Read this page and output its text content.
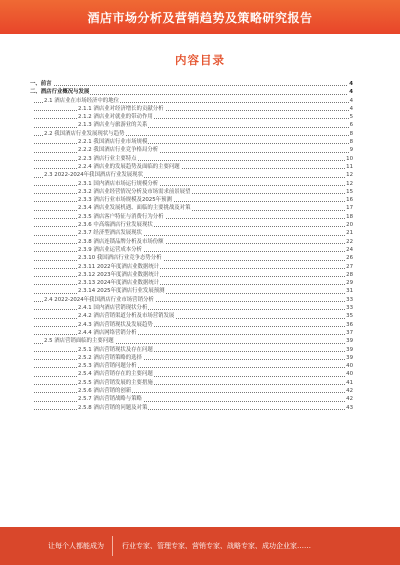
酒店市场分析及营销趋势及策略研究报告
内容目录
一、前言	4
二、酒店行业概况与发展	4
2.1 酒店业在市场经济中的地位	4
2.1.1 酒店业对经济增长的贡献分析	4
2.1.2 酒店业对就业的带动作用	5
2.1.3 酒店业与旅游业的关系	6
2.2 我国酒店行业发展现状与趋势	8
2.2.1 我国酒店行业市场规模	8
2.2.2 我国酒店行业竞争格局分析	9
2.2.3 酒店行业主要特点	10
2.2.4 酒店业的发展趋势及面临的主要问题	11
2.3 2022-2024年我国酒店行业发展现状	12
2.3.1 国内酒店市场运行规模分析	12
2.3.2 酒店业经营情况分析及市场需求前景展望	15
2.3.3 酒店行业市场规模及2025年预测	16
2.3.4 酒店业发展机遇、面临的主要挑战及对策	17
2.3.5 酒店客户特征与消费行为分析	18
2.3.6 中高端酒店行业发展现状	20
2.3.7 经济型酒店发展现状	21
2.3.8 酒店连锁品牌分析及市场份额	22
2.3.9 酒店业运营成本分析	24
2.3.10 我国酒店行业竞争态势分析	26
2.3.11 2022年度酒店业数据统计	27
2.3.12 2023年度酒店业数据统计	28
2.3.13 2024年度酒店业数据统计	29
2.3.14 2025年度酒店行业发展预测	31
2.4 2022-2024年我国酒店行业市场营销分析	33
2.4.1 国内酒店营销现状分析	33
2.4.2 酒店营销渠道分析及市场营销发展	35
2.4.3 酒店营销现状及发展趋势	36
2.4.4 酒店网络营销分析	37
2.5 酒店营销面临的主要问题	39
2.5.1 酒店营销现状及存在问题	39
2.5.2 酒店营销策略的选择	39
2.5.3 酒店营销问题分析	40
2.5.4 酒店营销存在的主要问题	40
2.5.5 酒店营销发展的主要措施	41
2.5.6 酒店营销的创新	42
2.5.7 酒店营销战略与策略	42
2.5.8 酒店营销的问题及对策	43
让每个人都能成为	行业专家、管理专家、营销专家、战略专家、成功企业家……
